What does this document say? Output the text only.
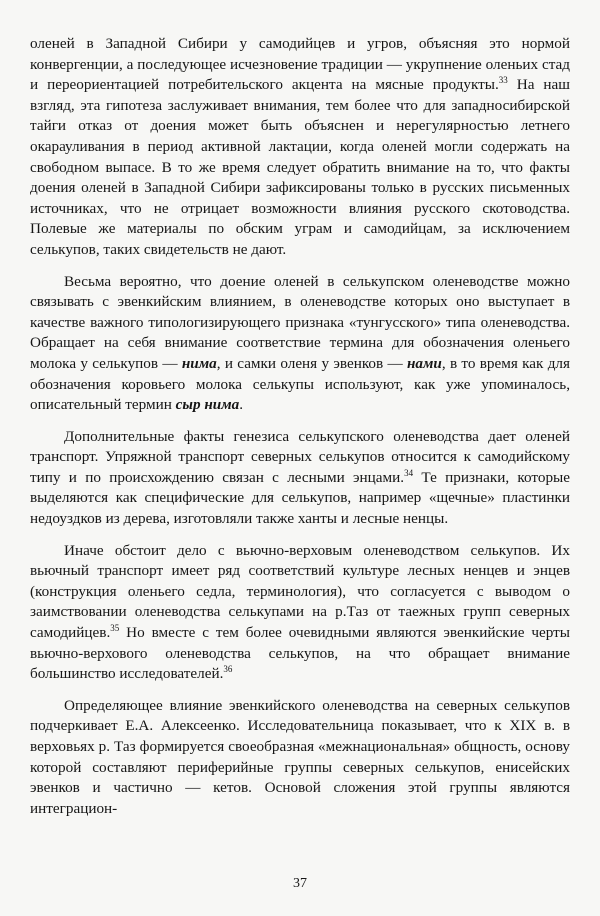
оленей в Западной Сибири у самодийцев и угров, объясняя это нормой конвергенции, а последующее исчезновение традиции — укрупнение оленьих стад и переориентацией потребительского акцента на мясные продукты.$^{33}$ На наш взгляд, эта гипотеза заслуживает внимания, тем более что для западносибирской тайги отказ от доения может быть объяснен и нерегулярностью летнего окарауливания в период активной лактации, когда оленей могли содержать на свободном выпасе. В то же время следует обратить внимание на то, что факты доения оленей в Западной Сибири зафиксированы только в русских письменных источниках, что не отрицает возможности влияния русского скотоводства. Полевые же материалы по обским уграм и самодийцам, за исключением селькупов, таких свидетельств не дают.

Весьма вероятно, что доение оленей в селькупском оленеводстве можно связывать с эвенкийским влиянием, в оленеводстве которых оно выступает в качестве важного типологизирующего признака «тунгусского» типа оленеводства. Обращает на себя внимание соответствие термина для обозначения оленьего молока у селькупов — нима, и самки оленя у эвенков — нами, в то время как для обозначения коровьего молока селькупы используют, как уже упоминалось, описательный термин сыр нима.

Дополнительные факты генезиса селькупского оленеводства дает оленей транспорт. Упряжной транспорт северных селькупов относится к самодийскому типу и по происхождению связан с лесными энцами.$^{34}$ Те признаки, которые выделяются как специфические для селькупов, например «щечные» пластинки недоуздков из дерева, изготовляли также ханты и лесные ненцы.

Иначе обстоит дело с вьючно-верховым оленеводством селькупов. Их вьючный транспорт имеет ряд соответствий культуре лесных ненцев и энцев (конструкция оленьего седла, терминология), что согласуется с выводом о заимствовании оленеводства селькупами на р.Таз от таежных групп северных самодийцев.$^{35}$ Но вместе с тем более очевидными являются эвенкийские черты вьючно-верхового оленеводства селькупов, на что обращает внимание большинство исследователей.$^{36}$

Определяющее влияние эвенкийского оленеводства на северных селькупов подчеркивает Е.А. Алексеенко. Исследовательница показывает, что к XIX в. в верховьях р. Таз формируется своеобразная «межнациональная» общность, основу которой составляют периферийные группы северных селькупов, енисейских эвенков и частично — кетов. Основой сложения этой группы являются интеграцион-

37
